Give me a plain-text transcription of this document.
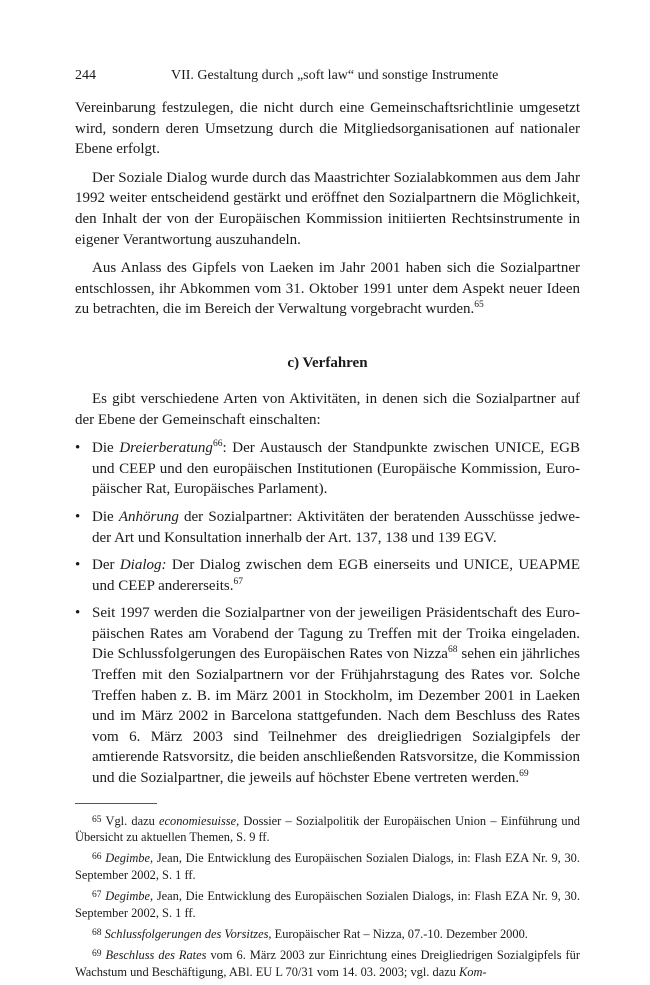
244	VII. Gestaltung durch „soft law“ und sonstige Instrumente

Vereinbarung festzulegen, die nicht durch eine Gemeinschaftsrichtlinie umgesetzt wird, sondern deren Umsetzung durch die Mitgliedsorganisationen auf nationaler Ebene erfolgt.

Der Soziale Dialog wurde durch das Maastrichter Sozialabkommen aus dem Jahr 1992 weiter entscheidend gestärkt und eröffnet den Sozialpartnern die Möglichkeit, den Inhalt der von der Europäischen Kommission initiierten Rechtsinstrumente in eigener Verantwortung auszuhandeln.

Aus Anlass des Gipfels von Laeken im Jahr 2001 haben sich die Sozialpartner entschlossen, ihr Abkommen vom 31. Oktober 1991 unter dem Aspekt neuer Ideen zu betrachten, die im Bereich der Verwaltung vorgebracht wurden.$^{65}$

c) Verfahren

Es gibt verschiedene Arten von Aktivitäten, in denen sich die Sozialpartner auf der Ebene der Gemeinschaft einschalten:

• Die Dreierberatung$^{66}$: Der Austausch der Standpunkte zwischen UNICE, EGB und CEEP und den europäischen Institutionen (Europäische Kommission, Europäischer Rat, Europäisches Parlament).
• Die Anhörung der Sozialpartner: Aktivitäten der beratenden Ausschüsse jedweder Art und Konsultation innerhalb der Art. 137, 138 und 139 EGV.
• Der Dialog: Der Dialog zwischen dem EGB einerseits und UNICE, UEAPME und CEEP andererseits.$^{67}$
• Seit 1997 werden die Sozialpartner von der jeweiligen Präsidentschaft des Europäischen Rates am Vorabend der Tagung zu Treffen mit der Troika eingeladen. Die Schlussfolgerungen des Europäischen Rates von Nizza$^{68}$ sehen ein jährliches Treffen mit den Sozialpartnern vor der Frühjahrstagung des Rates vor. Solche Treffen haben z. B. im März 2001 in Stockholm, im Dezember 2001 in Laeken und im März 2002 in Barcelona stattgefunden. Nach dem Beschluss des Rates vom 6. März 2003 sind Teilnehmer des dreigliedrigen Sozialgipfels der amtierende Ratsvorsitz, die beiden anschließenden Ratsvorsitze, die Kommission und die Sozialpartner, die jeweils auf höchster Ebene vertreten werden.$^{69}$

$^{65}$ Vgl. dazu economiesuisse, Dossier – Sozialpolitik der Europäischen Union – Einführung und Übersicht zu aktuellen Themen, S. 9 ff.

$^{66}$ Degimbe, Jean, Die Entwicklung des Europäischen Sozialen Dialogs, in: Flash EZA Nr. 9, 30. September 2002, S. 1 ff.

$^{67}$ Degimbe, Jean, Die Entwicklung des Europäischen Sozialen Dialogs, in: Flash EZA Nr. 9, 30. September 2002, S. 1 ff.

$^{68}$ Schlussfolgerungen des Vorsitzes, Europäischer Rat – Nizza, 07.-10. Dezember 2000.

$^{69}$ Beschluss des Rates vom 6. März 2003 zur Einrichtung eines Dreigliedrigen Sozialgipfels für Wachstum und Beschäftigung, ABl. EU L 70/31 vom 14. 03. 2003; vgl. dazu Kom-
